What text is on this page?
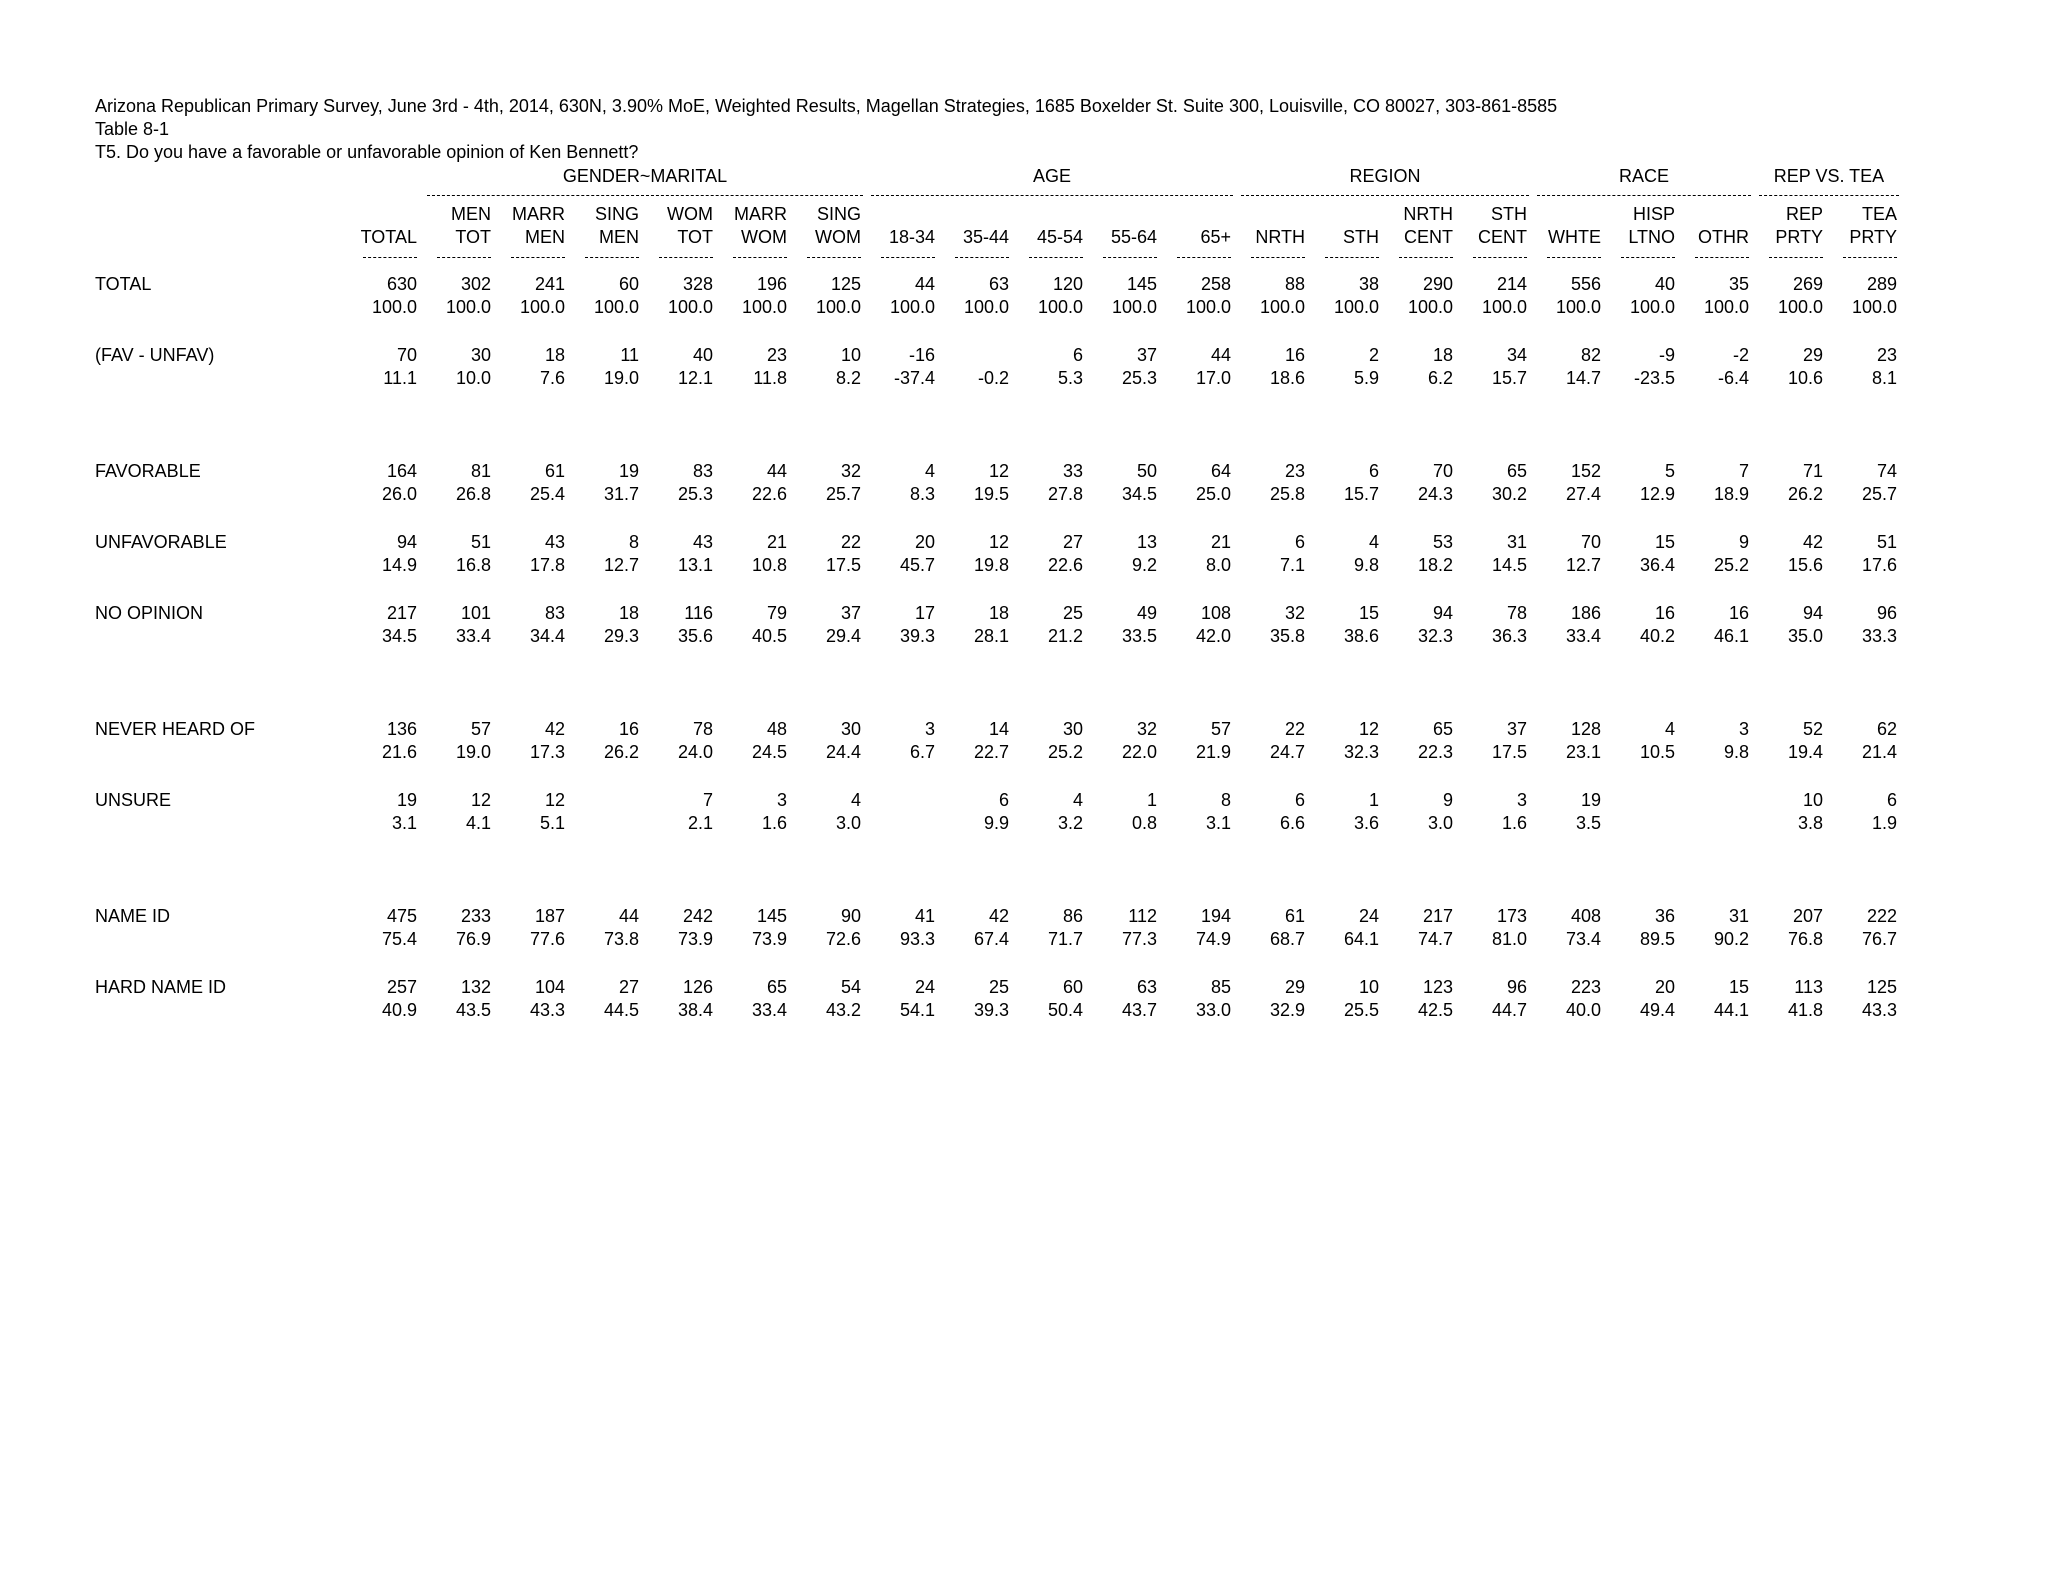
Arizona Republican Primary Survey, June 3rd - 4th, 2014, 630N, 3.90% MoE, Weighted Results, Magellan Strategies, 1685 Boxelder St. Suite 300, Louisville, CO 80027, 303-861-8585
Table 8-1
T5. Do you have a favorable or unfavorable opinion of Ken Bennett?
		GENDER~MARITAL						AGE					REGION				RACE			REP VS. TEA	

		MEN	MARR	SING	WOM	MARR	SING								NRTH	STH		HISP		REP	TEA
	TOTAL	TOT	MEN	MEN	TOT	WOM	WOM	18-34	35-44	45-54	55-64	65+	NRTH	STH	CENT	CENT	WHTE	LTNO	OTHR	PRTY	PRTY

TOTAL	630	302	241	60	328	196	125	44	63	120	145	258	88	38	290	214	556	40	35	269	289
	100.0	100.0	100.0	100.0	100.0	100.0	100.0	100.0	100.0	100.0	100.0	100.0	100.0	100.0	100.0	100.0	100.0	100.0	100.0	100.0	100.0

(FAV - UNFAV)	70	30	18	11	40	23	10	-16		6	37	44	16	2	18	34	82	-9	-2	29	23
	11.1	10.0	7.6	19.0	12.1	11.8	8.2	-37.4	-0.2	5.3	25.3	17.0	18.6	5.9	6.2	15.7	14.7	-23.5	-6.4	10.6	8.1

FAVORABLE	164	81	61	19	83	44	32	4	12	33	50	64	23	6	70	65	152	5	7	71	74
	26.0	26.8	25.4	31.7	25.3	22.6	25.7	8.3	19.5	27.8	34.5	25.0	25.8	15.7	24.3	30.2	27.4	12.9	18.9	26.2	25.7

UNFAVORABLE	94	51	43	8	43	21	22	20	12	27	13	21	6	4	53	31	70	15	9	42	51
	14.9	16.8	17.8	12.7	13.1	10.8	17.5	45.7	19.8	22.6	9.2	8.0	7.1	9.8	18.2	14.5	12.7	36.4	25.2	15.6	17.6

NO OPINION	217	101	83	18	116	79	37	17	18	25	49	108	32	15	94	78	186	16	16	94	96
	34.5	33.4	34.4	29.3	35.6	40.5	29.4	39.3	28.1	21.2	33.5	42.0	35.8	38.6	32.3	36.3	33.4	40.2	46.1	35.0	33.3

NEVER HEARD OF	136	57	42	16	78	48	30	3	14	30	32	57	22	12	65	37	128	4	3	52	62
	21.6	19.0	17.3	26.2	24.0	24.5	24.4	6.7	22.7	25.2	22.0	21.9	24.7	32.3	22.3	17.5	23.1	10.5	9.8	19.4	21.4

UNSURE	19	12	12		7	3	4		6	4	1	8	6	1	9	3	19			10	6
	3.1	4.1	5.1		2.1	1.6	3.0		9.9	3.2	0.8	3.1	6.6	3.6	3.0	1.6	3.5			3.8	1.9

NAME ID	475	233	187	44	242	145	90	41	42	86	112	194	61	24	217	173	408	36	31	207	222
	75.4	76.9	77.6	73.8	73.9	73.9	72.6	93.3	67.4	71.7	77.3	74.9	68.7	64.1	74.7	81.0	73.4	89.5	90.2	76.8	76.7

HARD NAME ID	257	132	104	27	126	65	54	24	25	60	63	85	29	10	123	96	223	20	15	113	125
	40.9	43.5	43.3	44.5	38.4	33.4	43.2	54.1	39.3	50.4	43.7	33.0	32.9	25.5	42.5	44.7	40.0	49.4	44.1	41.8	43.3
